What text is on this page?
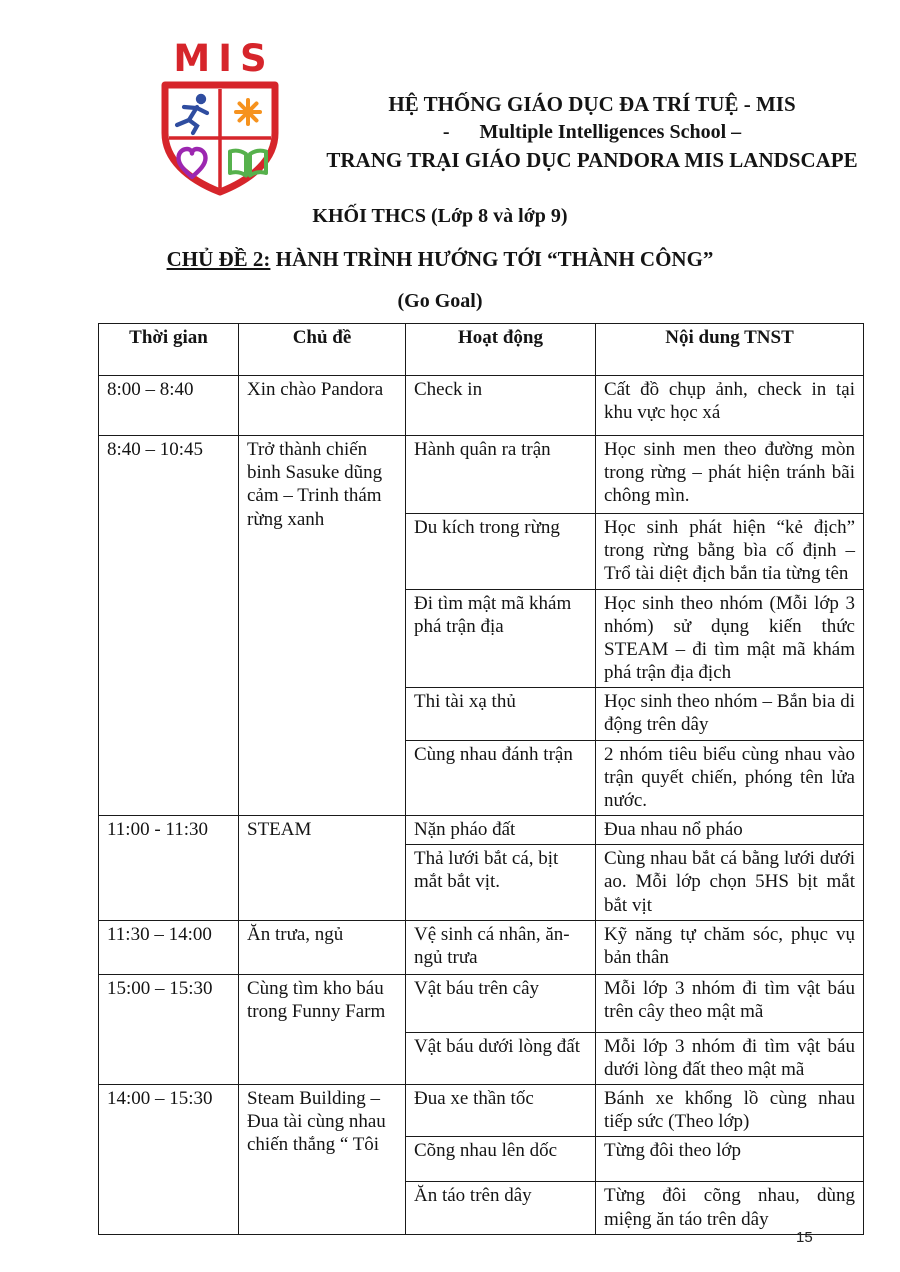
MIS
HỆ THỐNG GIÁO DỤC ĐA TRÍ TUỆ - MIS
-      Multiple Intelligences School –
TRANG TRẠI GIÁO DỤC PANDORA MIS LANDSCAPE
KHỐI THCS (Lớp 8 và lớp 9)
CHỦ ĐỀ 2: HÀNH TRÌNH HƯỚNG TỚI “THÀNH CÔNG”
(Go Goal)
Thời gian	Chủ đề	Hoạt động	Nội dung TNST
8:00 – 8:40	Xin chào Pandora	Check in	Cất đồ chụp ảnh, check in tại khu vực học xá
8:40 – 10:45	Trở thành chiến binh Sasuke dũng cảm – Trinh thám rừng xanh	Hành quân ra trận	Học sinh men theo đường mòn trong rừng – phát hiện tránh bãi chông mìn.
		Du kích trong rừng	Học sinh phát hiện “kẻ địch” trong rừng bằng bìa cố định – Trổ tài diệt địch bắn tỉa từng tên
		Đi tìm mật mã khám phá trận địa	Học sinh theo nhóm (Mỗi lớp 3 nhóm) sử dụng kiến thức STEAM – đi tìm mật mã khám phá trận địa địch
		Thi tài xạ thủ	Học sinh theo nhóm – Bắn bia di động trên dây
		Cùng nhau đánh trận	2 nhóm tiêu biểu cùng nhau vào trận quyết chiến, phóng tên lửa nước.
11:00 - 11:30	STEAM	Nặn pháo đất	Đua nhau nổ pháo
		Thả lưới bắt cá, bịt mắt bắt vịt.	Cùng nhau bắt cá bằng lưới dưới ao. Mỗi lớp chọn 5HS bịt mắt bắt vịt
11:30 – 14:00	Ăn trưa, ngủ	Vệ sinh cá nhân, ăn-ngủ trưa	Kỹ năng tự chăm sóc, phục vụ bản thân
15:00 – 15:30	Cùng tìm kho báu trong Funny Farm	Vật báu trên cây	Mỗi lớp 3 nhóm đi tìm vật báu trên cây theo mật mã
		Vật báu dưới lòng đất	Mỗi lớp 3 nhóm đi tìm vật báu dưới lòng đất theo mật mã
14:00 – 15:30	Steam Building – Đua tài cùng nhau chiến thắng “ Tôi	Đua xe thần tốc	Bánh xe khổng lồ cùng nhau tiếp sức (Theo lớp)
		Cõng nhau lên dốc	Từng đôi theo lớp
		Ăn táo trên dây	Từng đôi cõng nhau, dùng miệng ăn táo trên dây
15
